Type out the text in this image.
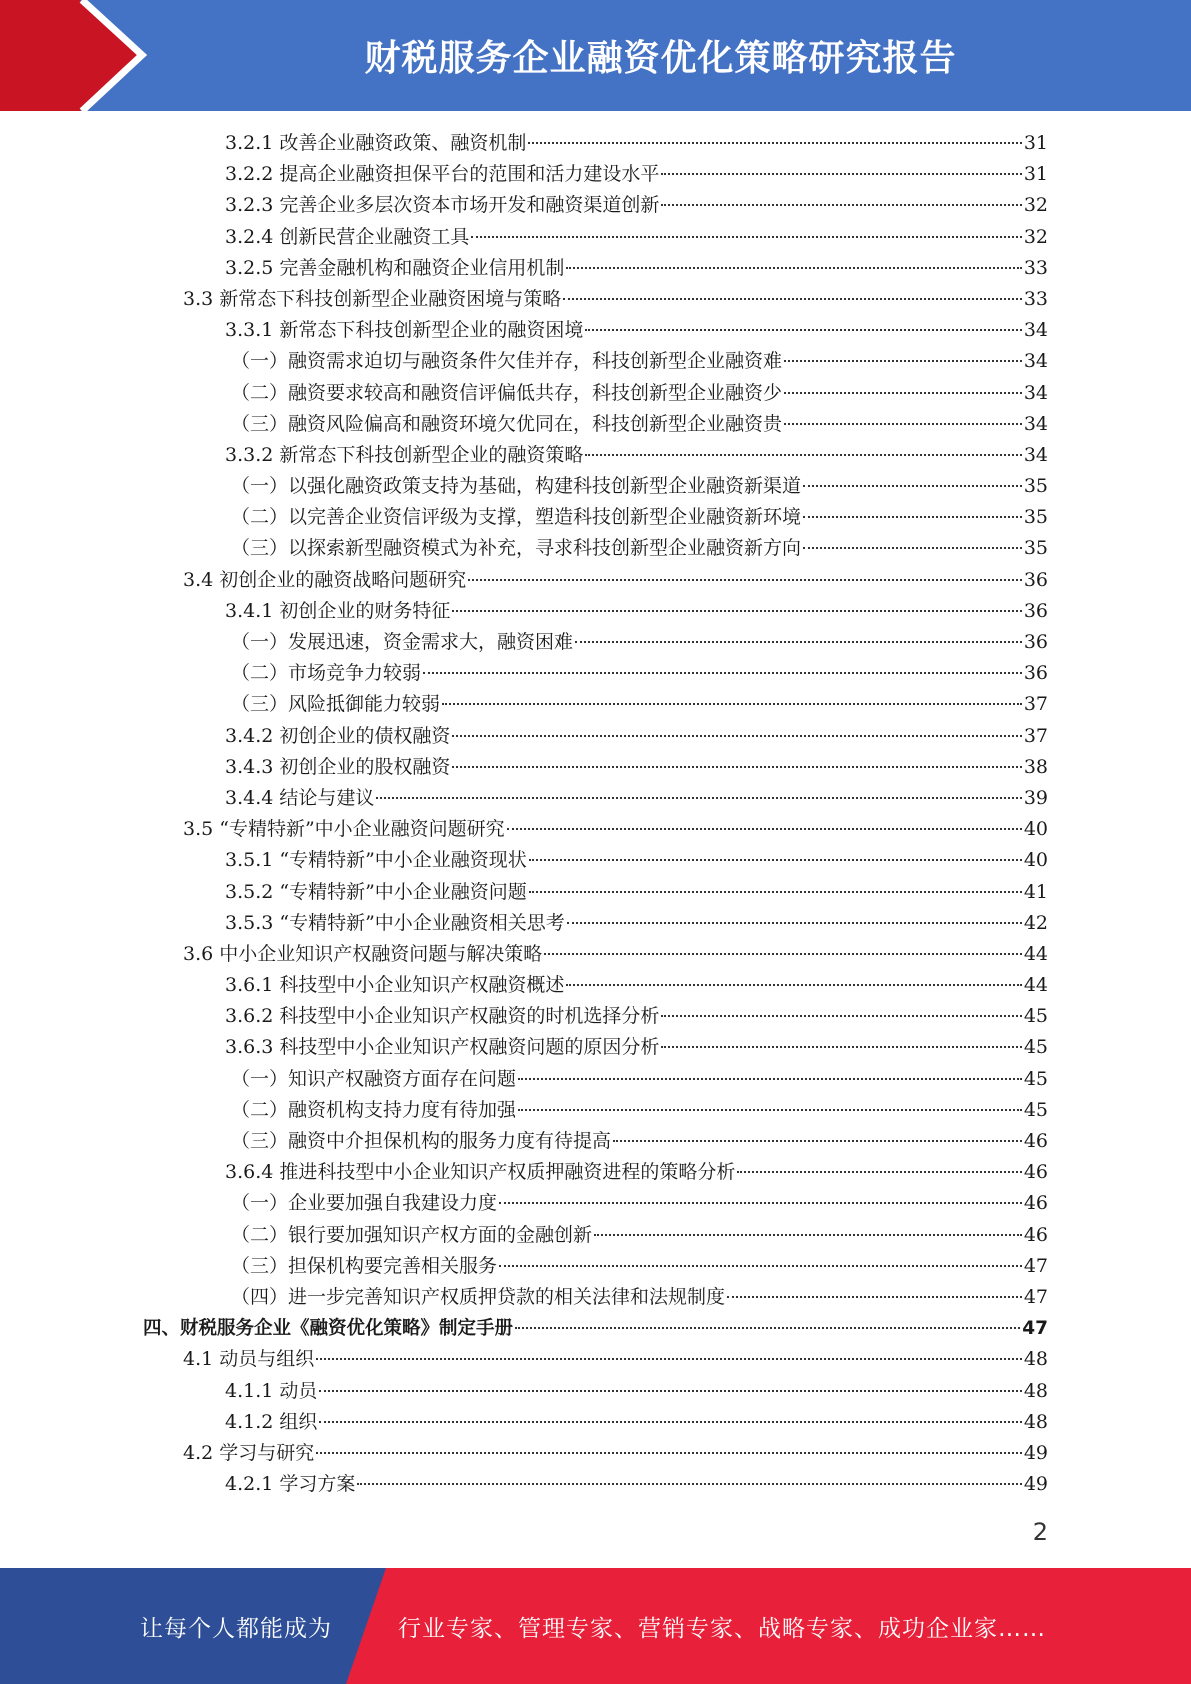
财税服务企业融资优化策略研究报告
3.2.1 改善企业融资政策、融资机制	31
3.2.2 提高企业融资担保平台的范围和活力建设水平	31
3.2.3 完善企业多层次资本市场开发和融资渠道创新	32
3.2.4 创新民营企业融资工具	32
3.2.5 完善金融机构和融资企业信用机制	33
3.3 新常态下科技创新型企业融资困境与策略	33
3.3.1 新常态下科技创新型企业的融资困境	34
（一）融资需求迫切与融资条件欠佳并存，科技创新型企业融资难	34
（二）融资要求较高和融资信评偏低共存，科技创新型企业融资少	34
（三）融资风险偏高和融资环境欠优同在，科技创新型企业融资贵	34
3.3.2 新常态下科技创新型企业的融资策略	34
（一）以强化融资政策支持为基础，构建科技创新型企业融资新渠道	35
（二）以完善企业资信评级为支撑，塑造科技创新型企业融资新环境	35
（三）以探索新型融资模式为补充，寻求科技创新型企业融资新方向	35
3.4 初创企业的融资战略问题研究	36
3.4.1 初创企业的财务特征	36
（一）发展迅速，资金需求大，融资困难	36
（二）市场竞争力较弱	36
（三）风险抵御能力较弱	37
3.4.2 初创企业的债权融资	37
3.4.3 初创企业的股权融资	38
3.4.4 结论与建议	39
3.5 “专精特新”中小企业融资问题研究	40
3.5.1 “专精特新”中小企业融资现状	40
3.5.2 “专精特新”中小企业融资问题	41
3.5.3 “专精特新”中小企业融资相关思考	42
3.6 中小企业知识产权融资问题与解决策略	44
3.6.1 科技型中小企业知识产权融资概述	44
3.6.2 科技型中小企业知识产权融资的时机选择分析	45
3.6.3 科技型中小企业知识产权融资问题的原因分析	45
（一）知识产权融资方面存在问题	45
（二）融资机构支持力度有待加强	45
（三）融资中介担保机构的服务力度有待提高	46
3.6.4 推进科技型中小企业知识产权质押融资进程的策略分析	46
（一）企业要加强自我建设力度	46
（二）银行要加强知识产权方面的金融创新	46
（三）担保机构要完善相关服务	47
（四）进一步完善知识产权质押贷款的相关法律和法规制度	47
四、财税服务企业《融资优化策略》制定手册	47
4.1 动员与组织	48
4.1.1 动员	48
4.1.2 组织	48
4.2 学习与研究	49
4.2.1 学习方案	49
2
让每个人都能成为	行业专家、管理专家、营销专家、战略专家、成功企业家……
